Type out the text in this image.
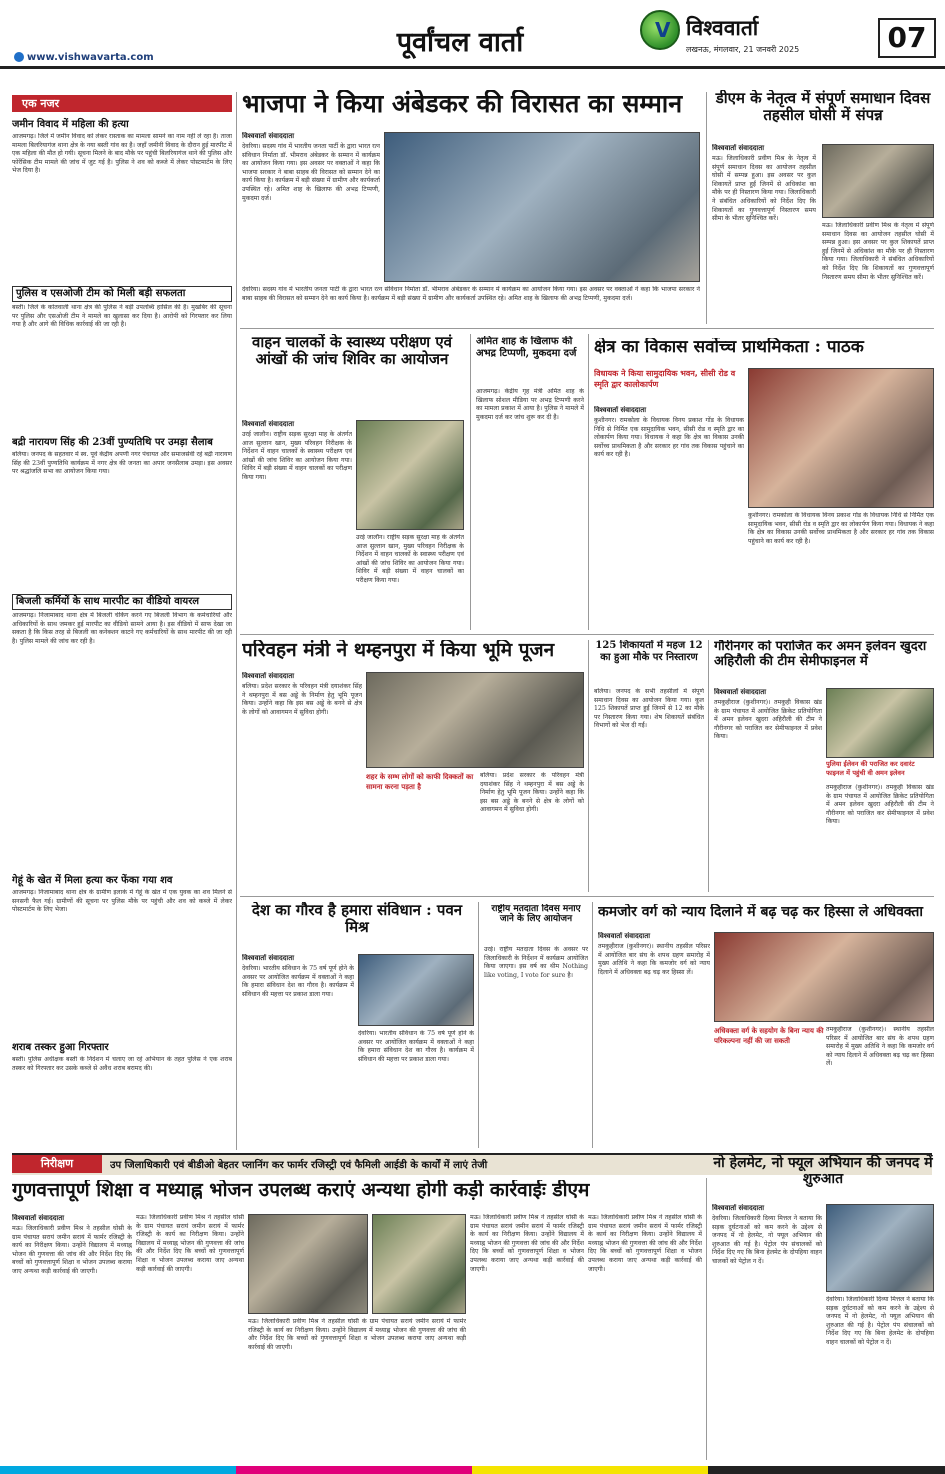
www.vishwavarta.com	पूर्वांचल वार्ता	V विश्ववार्ता
लखनऊ, मंगलवार, 21 जनवरी 2025	07
एक नजर
जमीन विवाद में महिला की हत्या
आजमगढ़। जिले में जमीन विवाद को लेकर रास्ताक का मामला सामने का नाम नहीं ले रहा है। ताजा मामला बिलरियागंज थाना क्षेत्र के नया बस्ती गांव का है। जहाँ जमीनी विवाद के दौरान हुई मारपीट में एक महिला की मौत हो गयी। सूचना मिलने के बाद मौके पर पहुंची बिलरियागंज थाने की पुलिस और फोरेंसिक टीम मामले की जांच में जुट गई है। पुलिस ने शव को कब्जे में लेकर पोस्टमार्टम के लिए भेज दिया है।
पुलिस व एसओजी टीम को मिली बड़ी सफलता
बस्ती। जिले के कोतवाली थाना क्षेत्र की पुलिस ने बड़ी उपलब्धि हासिल की है। मुखबिर की सूचना पर पुलिस और एसओजी टीम ने मामले का खुलासा कर दिया है। आरोपी को गिरफ्तार कर लिया गया है और आगे की विधिक कार्रवाई की जा रही है।
बद्री नारायण सिंह की 23वीं पुण्यतिथि पर उमड़ा सैलाब
बलिया। जनपद के सहतवार में स्व. पूर्व केंद्रीय अपर्णी नगर पंचायत और समाजसेवी रहे बद्री नारायण सिंह की 23वीं पुण्यतिथि कार्यक्रम में नगर क्षेत्र की जनता का अपार जनसैलाब उमड़ा। इस अवसर पर श्रद्धांजलि सभा का आयोजन किया गया।
बिजली कर्मियों के साथ मारपीट का वीडियो वायरल
आजमगढ़। निजामाबाद थाना क्षेत्र में बिजली चेकिंग करने गए बिजली विभाग के कर्मचारियों और अधिकारियों के साथ जमकर हुई मारपीट का वीडियो सामने आया है। इस वीडियो में साफ देखा जा सकता है कि किस तरह से बिजली का कनेक्शन काटने गए कर्मचारियों के साथ मारपीट की जा रही है। पुलिस मामले की जांच कर रही है।
गेहूं के खेत में मिला हत्या कर फेंका गया शव
आजमगढ़। निजामाबाद थाना क्षेत्र के ग्रामीण इलाके में गेहूं के खेत में एक युवक का शव मिलने से सनसनी फैल गई। ग्रामीणों की सूचना पर पुलिस मौके पर पहुंची और शव को कब्जे में लेकर पोस्टमार्टम के लिए भेजा।
शराब तस्कर हुआ गिरफ्तार
बस्ती। पुलिस अधीक्षक बस्ती के निर्देशन में चलाए जा रहे अभियान के तहत पुलिस ने एक शराब तस्कर को गिरफ्तार कर उसके कब्जे से अवैध शराब बरामद की।
भाजपा ने किया अंबेडकर की विरासत का सम्मान
विश्ववार्ता संवाददाता
देवरिया। सदस्य गांव में भारतीय जनता पार्टी के द्वारा भारत रत्न संविधान निर्माता डॉ. भीमराव अंबेडकर के सम्मान में कार्यक्रम का आयोजन किया गया। इस अवसर पर वक्ताओं ने कहा कि भाजपा सरकार ने बाबा साहब की विरासत को सम्मान देने का कार्य किया है। कार्यक्रम में बड़ी संख्या में ग्रामीण और कार्यकर्ता उपस्थित रहे। अमित शाह के खिलाफ की अभद्र टिप्पणी, मुकदमा दर्ज।
देवरिया। सदस्य गांव में भारतीय जनता पार्टी के द्वारा भारत रत्न संविधान निर्माता डॉ. भीमराव अंबेडकर के सम्मान में कार्यक्रम का आयोजन किया गया। इस अवसर पर वक्ताओं ने कहा कि भाजपा सरकार ने बाबा साहब की विरासत को सम्मान देने का कार्य किया है। कार्यक्रम में बड़ी संख्या में ग्रामीण और कार्यकर्ता उपस्थित रहे। अमित शाह के खिलाफ की अभद्र टिप्पणी, मुकदमा दर्ज।
डीएम के नेतृत्व में संपूर्ण समाधान दिवस तहसील घोसी में संपन्न
विश्ववार्ता संवाददाता
मऊ। जिलाधिकारी प्रवीण मिश्र के नेतृत्व में संपूर्ण समाधान दिवस का आयोजन तहसील घोसी में सम्पन्न हुआ। इस अवसर पर कुल शिकायतें प्राप्त हुईं जिनमें से अधिकांश का मौके पर ही निस्तारण किया गया। जिलाधिकारी ने संबंधित अधिकारियों को निर्देश दिए कि शिकायतों का गुणवत्तापूर्ण निस्तारण समय सीमा के भीतर सुनिश्चित करें।
मऊ। जिलाधिकारी प्रवीण मिश्र के नेतृत्व में संपूर्ण समाधान दिवस का आयोजन तहसील घोसी में सम्पन्न हुआ। इस अवसर पर कुल शिकायतें प्राप्त हुईं जिनमें से अधिकांश का मौके पर ही निस्तारण किया गया। जिलाधिकारी ने संबंधित अधिकारियों को निर्देश दिए कि शिकायतों का गुणवत्तापूर्ण निस्तारण समय सीमा के भीतर सुनिश्चित करें।
वाहन चालकों के स्वास्थ्य परीक्षण एवं आंखों की जांच शिविर का आयोजन
विश्ववार्ता संवाददाता
उरई जालौन। राष्ट्रीय सड़क सुरक्षा माह के अंतर्गत आज सुल्तान खान, मुख्य परिवहन निरीक्षक के निर्देशन में वाहन चालकों के स्वास्थ्य परीक्षण एवं आंखों की जांच शिविर का आयोजन किया गया। शिविर में बड़ी संख्या में वाहन चालकों का परीक्षण किया गया।
उरई जालौन। राष्ट्रीय सड़क सुरक्षा माह के अंतर्गत आज सुल्तान खान, मुख्य परिवहन निरीक्षक के निर्देशन में वाहन चालकों के स्वास्थ्य परीक्षण एवं आंखों की जांच शिविर का आयोजन किया गया। शिविर में बड़ी संख्या में वाहन चालकों का परीक्षण किया गया।
अमित शाह के खिलाफ की अभद्र टिप्पणी, मुकदमा दर्ज
आजमगढ़। केंद्रीय गृह मंत्री अमित शाह के खिलाफ सोशल मीडिया पर अभद्र टिप्पणी करने का मामला प्रकाश में आया है। पुलिस ने मामले में मुकदमा दर्ज कर जांच शुरू कर दी है।
क्षेत्र का विकास सर्वोच्च प्राथमिकता : पाठक
विधायक ने किया सामुदायिक भवन, सीसी रोड व स्मृति द्वार कालोकार्पण
विश्ववार्ता संवाददाता
कुशीनगर। रामकोला के विधायक विनय प्रकाश गोंड के विधायक निधि से निर्मित एक सामुदायिक भवन, सीसी रोड व स्मृति द्वार का लोकार्पण किया गया। विधायक ने कहा कि क्षेत्र का विकास उनकी सर्वोच्च प्राथमिकता है और सरकार हर गांव तक विकास पहुंचाने का कार्य कर रही है।
कुशीनगर। रामकोला के विधायक विनय प्रकाश गोंड के विधायक निधि से निर्मित एक सामुदायिक भवन, सीसी रोड व स्मृति द्वार का लोकार्पण किया गया। विधायक ने कहा कि क्षेत्र का विकास उनकी सर्वोच्च प्राथमिकता है और सरकार हर गांव तक विकास पहुंचाने का कार्य कर रही है।
परिवहन मंत्री ने थम्हनपुरा में किया भूमि पूजन
विश्ववार्ता संवाददाता
बलिया। प्रदेश सरकार के परिवहन मंत्री दयाशंकर सिंह ने थम्हनपुरा में बस अड्डे के निर्माण हेतु भूमि पूजन किया। उन्होंने कहा कि इस बस अड्डे के बनने से क्षेत्र के लोगों को आवागमन में सुविधा होगी।
शहर के सम्भ लोगों को काफी दिक्कतों का सामना करना पड़ता है
बलिया। प्रदेश सरकार के परिवहन मंत्री दयाशंकर सिंह ने थम्हनपुरा में बस अड्डे के निर्माण हेतु भूमि पूजन किया। उन्होंने कहा कि इस बस अड्डे के बनने से क्षेत्र के लोगों को आवागमन में सुविधा होगी।
125 शिकायतों में महज 12 का हुआ मौके पर निस्तारण
बलिया। जनपद के सभी तहसीलों में संपूर्ण समाधान दिवस का आयोजन किया गया। कुल 125 शिकायतें प्राप्त हुईं जिनमें से 12 का मौके पर निस्तारण किया गया। शेष शिकायतें संबंधित विभागों को भेज दी गईं।
गौरीनगर को पराजित कर अमन इलेवन खुदरा अहिरौली की टीम सेमीफाइनल में
विश्ववार्ता संवाददाता
तमकुहीराज (कुशीनगर)। तमकुही विकास खंड के ग्राम पंचायत में आयोजित क्रिकेट प्रतियोगिता में अमन इलेवन खुदरा अहिरौली की टीम ने गौरीनगर को पराजित कर सेमीफाइनल में प्रवेश किया।
पुलिया ईलेवन की पराजित कर दवारंट फाइनल में पहुंची वी अमन इलेवन
तमकुहीराज (कुशीनगर)। तमकुही विकास खंड के ग्राम पंचायत में आयोजित क्रिकेट प्रतियोगिता में अमन इलेवन खुदरा अहिरौली की टीम ने गौरीनगर को पराजित कर सेमीफाइनल में प्रवेश किया।
देश का गौरव है हमारा संविधान : पवन मिश्र
विश्ववार्ता संवाददाता
देवरिया। भारतीय संविधान के 75 वर्ष पूर्ण होने के अवसर पर आयोजित कार्यक्रम में वक्ताओं ने कहा कि हमारा संविधान देश का गौरव है। कार्यक्रम में संविधान की महत्ता पर प्रकाश डाला गया।
देवरिया। भारतीय संविधान के 75 वर्ष पूर्ण होने के अवसर पर आयोजित कार्यक्रम में वक्ताओं ने कहा कि हमारा संविधान देश का गौरव है। कार्यक्रम में संविधान की महत्ता पर प्रकाश डाला गया।
राष्ट्रीय मतदाता दिवस मनाए जाने के लिए आयोजन
उरई। राष्ट्रीय मतदाता दिवस के अवसर पर जिलाधिकारी के निर्देशन में कार्यक्रम आयोजित किया जाएगा। इस वर्ष का थीम Nothing like voting, I vote for sure है।
कमजोर वर्ग को न्याय दिलाने में बढ़ चढ़ कर हिस्सा ले अधिवक्ता
विश्ववार्ता संवाददाता
तमकुहीराज (कुशीनगर)। स्थानीय तहसील परिसर में आयोजित बार संघ के शपथ ग्रहण समारोह में मुख्य अतिथि ने कहा कि कमजोर वर्ग को न्याय दिलाने में अधिवक्ता बढ़ चढ़ कर हिस्सा लें।
अधिवक्ता वर्ग के सहयोग के बिना न्याय की परिकल्पना नहीं की जा सकती
तमकुहीराज (कुशीनगर)। स्थानीय तहसील परिसर में आयोजित बार संघ के शपथ ग्रहण समारोह में मुख्य अतिथि ने कहा कि कमजोर वर्ग को न्याय दिलाने में अधिवक्ता बढ़ चढ़ कर हिस्सा लें।
निरीक्षण	उप जिलाधिकारी एवं बीडीओ बेहतर प्लानिंग कर फार्मर रजिस्ट्री एवं फैमिली आईडी के कार्यों में लाएं तेजी	नो हेलमेट, नो फ्यूल अभियान की जनपद में शुरुआत
विश्ववार्ता संवाददाता
देवरिया। जिलाधिकारी दिव्या मित्तल ने बताया कि सड़क दुर्घटनाओं को कम करने के उद्देश्य से जनपद में नो हेलमेट, नो फ्यूल अभियान की शुरुआत की गई है। पेट्रोल पंप संचालकों को निर्देश दिए गए कि बिना हेलमेट के दोपहिया वाहन चालकों को पेट्रोल न दें।
देवरिया। जिलाधिकारी दिव्या मित्तल ने बताया कि सड़क दुर्घटनाओं को कम करने के उद्देश्य से जनपद में नो हेलमेट, नो फ्यूल अभियान की शुरुआत की गई है। पेट्रोल पंप संचालकों को निर्देश दिए गए कि बिना हेलमेट के दोपहिया वाहन चालकों को पेट्रोल न दें।
गुणवत्तापूर्ण शिक्षा व मध्याह्न भोजन उपलब्ध कराएं अन्यथा होगी कड़ी कार्रवाईः डीएम
विश्ववार्ता संवाददाता
मऊ। जिलाधिकारी प्रवीण मिश्र ने तहसील घोसी के ग्राम पंचायत सरायं जमीन सरायं में फार्मर रजिस्ट्री के कार्य का निरीक्षण किया। उन्होंने विद्यालय में मध्याह्न भोजन की गुणवत्ता की जांच की और निर्देश दिए कि बच्चों को गुणवत्तापूर्ण शिक्षा व भोजन उपलब्ध कराया जाए अन्यथा कड़ी कार्रवाई की जाएगी।
मऊ। जिलाधिकारी प्रवीण मिश्र ने तहसील घोसी के ग्राम पंचायत सरायं जमीन सरायं में फार्मर रजिस्ट्री के कार्य का निरीक्षण किया। उन्होंने विद्यालय में मध्याह्न भोजन की गुणवत्ता की जांच की और निर्देश दिए कि बच्चों को गुणवत्तापूर्ण शिक्षा व भोजन उपलब्ध कराया जाए अन्यथा कड़ी कार्रवाई की जाएगी।
मऊ। जिलाधिकारी प्रवीण मिश्र ने तहसील घोसी के ग्राम पंचायत सरायं जमीन सरायं में फार्मर रजिस्ट्री के कार्य का निरीक्षण किया। उन्होंने विद्यालय में मध्याह्न भोजन की गुणवत्ता की जांच की और निर्देश दिए कि बच्चों को गुणवत्तापूर्ण शिक्षा व भोजन उपलब्ध कराया जाए अन्यथा कड़ी कार्रवाई की जाएगी।
मऊ। जिलाधिकारी प्रवीण मिश्र ने तहसील घोसी के ग्राम पंचायत सरायं जमीन सरायं में फार्मर रजिस्ट्री के कार्य का निरीक्षण किया। उन्होंने विद्यालय में मध्याह्न भोजन की गुणवत्ता की जांच की और निर्देश दिए कि बच्चों को गुणवत्तापूर्ण शिक्षा व भोजन उपलब्ध कराया जाए अन्यथा कड़ी कार्रवाई की जाएगी।
मऊ। जिलाधिकारी प्रवीण मिश्र ने तहसील घोसी के ग्राम पंचायत सरायं जमीन सरायं में फार्मर रजिस्ट्री के कार्य का निरीक्षण किया। उन्होंने विद्यालय में मध्याह्न भोजन की गुणवत्ता की जांच की और निर्देश दिए कि बच्चों को गुणवत्तापूर्ण शिक्षा व भोजन उपलब्ध कराया जाए अन्यथा कड़ी कार्रवाई की जाएगी।
